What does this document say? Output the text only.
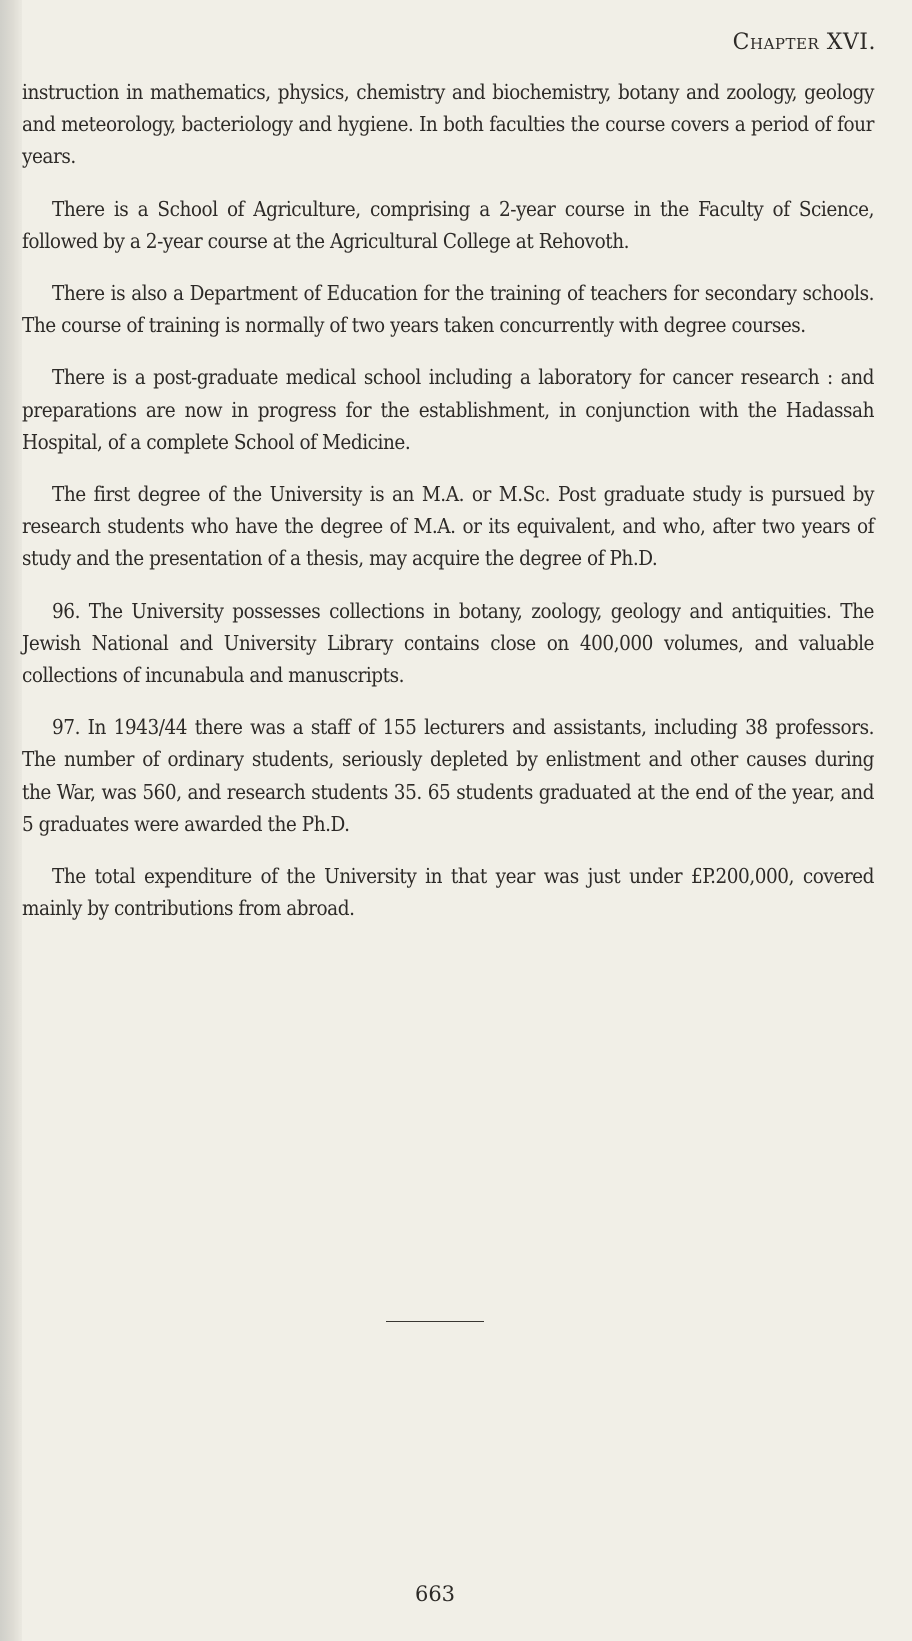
Chapter XVI.

instruction in mathematics, physics, chemistry and biochemistry, botany and zoology, geology and meteorology, bacteriology and hygiene. In both faculties the course covers a period of four years.

There is a School of Agriculture, comprising a 2-year course in the Faculty of Science, followed by a 2-year course at the Agricultural College at Rehovoth.

There is also a Department of Education for the training of teachers for secondary schools. The course of training is normally of two years taken concurrently with degree courses.

There is a post-graduate medical school including a laboratory for cancer research : and preparations are now in progress for the establishment, in conjunction with the Hadassah Hospital, of a complete School of Medicine.

The first degree of the University is an M.A. or M.Sc. Post graduate study is pursued by research students who have the degree of M.A. or its equivalent, and who, after two years of study and the presentation of a thesis, may acquire the degree of Ph.D.

96. The University possesses collections in botany, zoology, geology and antiquities. The Jewish National and University Library contains close on 400,000 volumes, and valuable collections of incunabula and manuscripts.

97. In 1943/44 there was a staff of 155 lecturers and assistants, including 38 professors. The number of ordinary students, seriously depleted by enlistment and other causes during the War, was 560, and research students 35. 65 students graduated at the end of the year, and 5 graduates were awarded the Ph.D.

The total expenditure of the University in that year was just under £P.200,000, covered mainly by contributions from abroad.

663
